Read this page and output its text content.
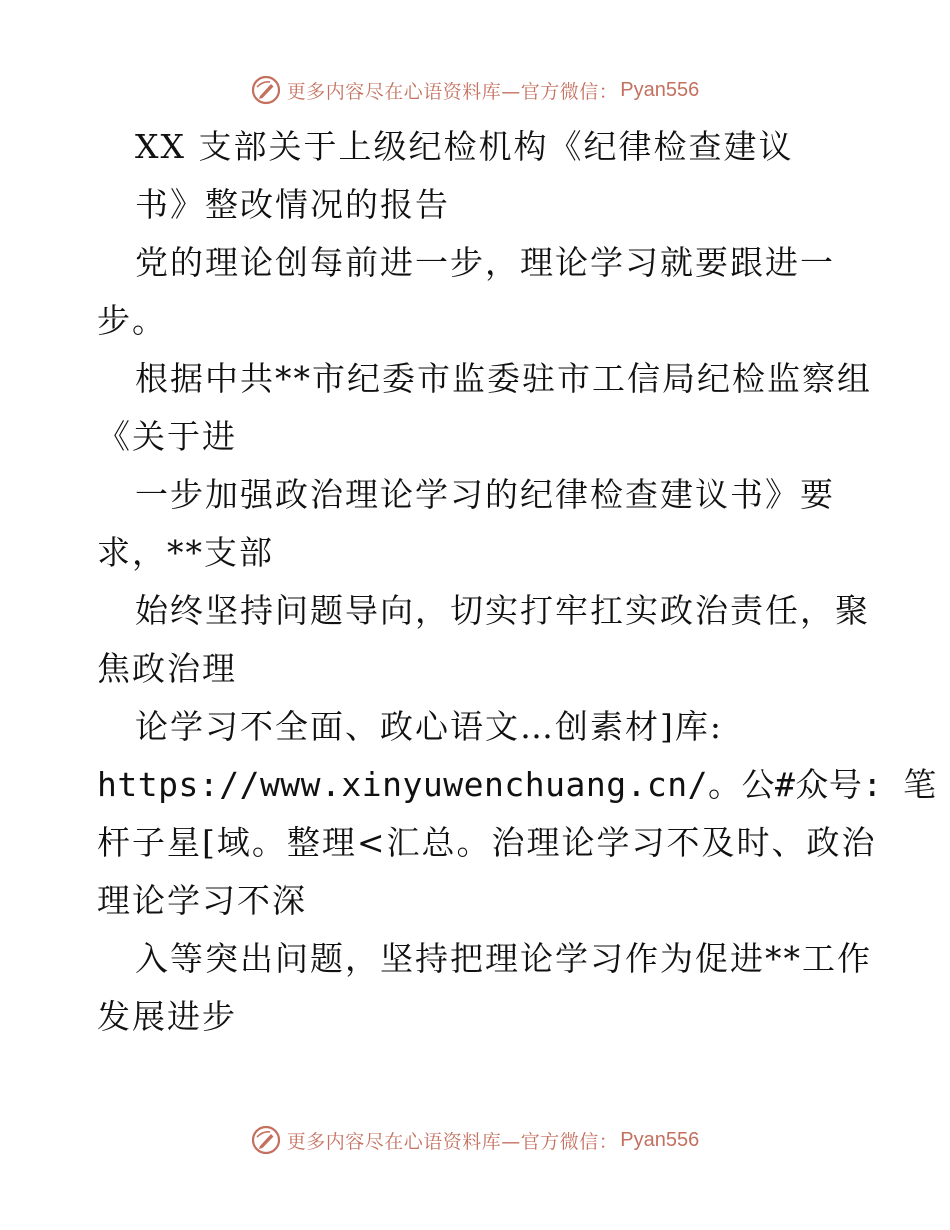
更多内容尽在心语资料库—官方微信： Pyan556
XX 支部关于上级纪检机构《纪律检查建议
书》整改情况的报告
党的理论创每前进一步，理论学习就要跟进一
步。
根据中共**市纪委市监委驻市工信局纪检监察组
《关于进
一步加强政治理论学习的纪律检查建议书》要
求，**支部
始终坚持问题导向，切实打牢扛实政治责任，聚
焦政治理
论学习不全面、政心语文…创素材]库:
https://www.xinyuwenchuang.cn/。公#众号: 笔
杆子星[域。整理<汇总。治理论学习不及时、政治
理论学习不深
入等突出问题，坚持把理论学习作为促进**工作
发展进步
更多内容尽在心语资料库—官方微信： Pyan556
